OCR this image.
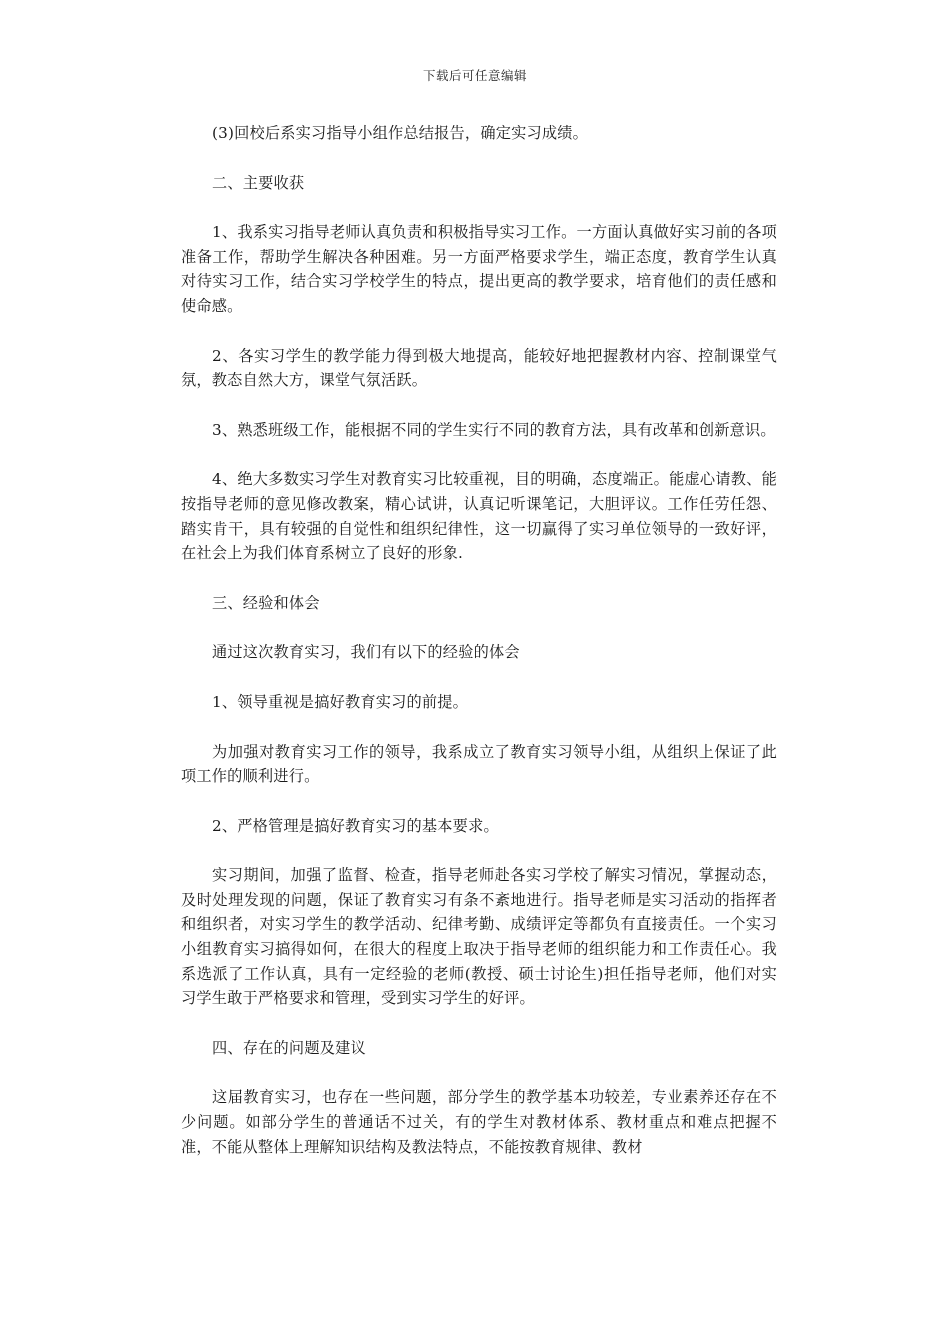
下载后可任意编辑

(3)回校后系实习指导小组作总结报告，确定实习成绩。

二、主要收获

1、我系实习指导老师认真负责和积极指导实习工作。一方面认真做好实习前的各项准备工作，帮助学生解决各种困难。另一方面严格要求学生，端正态度，教育学生认真对待实习工作，结合实习学校学生的特点，提出更高的教学要求，培育他们的责任感和使命感。

2、各实习学生的教学能力得到极大地提高，能较好地把握教材内容、控制课堂气氛，教态自然大方，课堂气氛活跃。

3、熟悉班级工作，能根据不同的学生实行不同的教育方法，具有改革和创新意识。

4、绝大多数实习学生对教育实习比较重视，目的明确，态度端正。能虚心请教、能按指导老师的意见修改教案，精心试讲，认真记听课笔记，大胆评议。工作任劳任怨、踏实肯干，具有较强的自觉性和组织纪律性，这一切赢得了实习单位领导的一致好评，在社会上为我们体育系树立了良好的形象.

三、经验和体会

通过这次教育实习，我们有以下的经验的体会

1、领导重视是搞好教育实习的前提。

为加强对教育实习工作的领导，我系成立了教育实习领导小组，从组织上保证了此项工作的顺利进行。

2、严格管理是搞好教育实习的基本要求。

实习期间，加强了监督、检查，指导老师赴各实习学校了解实习情况，掌握动态，及时处理发现的问题，保证了教育实习有条不紊地进行。指导老师是实习活动的指挥者和组织者，对实习学生的教学活动、纪律考勤、成绩评定等都负有直接责任。一个实习小组教育实习搞得如何，在很大的程度上取决于指导老师的组织能力和工作责任心。我系选派了工作认真，具有一定经验的老师(教授、硕士讨论生)担任指导老师，他们对实习学生敢于严格要求和管理，受到实习学生的好评。

四、存在的问题及建议

这届教育实习，也存在一些问题，部分学生的教学基本功较差，专业素养还存在不少问题。如部分学生的普通话不过关，有的学生对教材体系、教材重点和难点把握不准，不能从整体上理解知识结构及教法特点，不能按教育规律、教材
